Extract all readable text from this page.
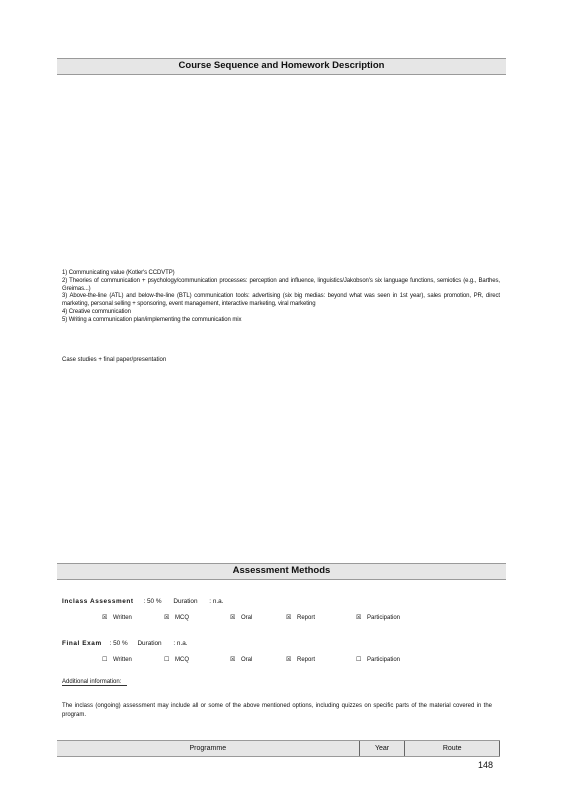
Course Sequence and Homework Description
1) Communicating value (Kotler's CCDVTP)
2) Theories of communication + psychology/communication processes: perception and influence, linguistics/Jakobson's six language functions, semiotics (e.g., Barthes, Greimas...)
3) Above-the-line (ATL) and below-the-line (BTL) communication tools: advertising (six big medias: beyond what was seen in 1st year), sales promotion, PR, direct marketing, personal selling + sponsoring, event management, interactive marketing, viral marketing
4) Creative communication
5) Writing a communication plan/implementing the communication mix
Case studies + final paper/presentation
Assessment Methods
Inclass Assessment : 50 % Duration : n.a.
☒ Written	☒ MCQ	☒ Oral	☒ Report	☒ Participation
Final Exam : 50 % Duration : n.a.
☐ Written	☐ MCQ	☒ Oral	☒ Report	☐ Participation
Additional information:
The inclass (ongoing) assessment may include all or some of the above mentioned options, including quizzes on specific parts of the material covered in the program.
Programme	Year	Route
148
